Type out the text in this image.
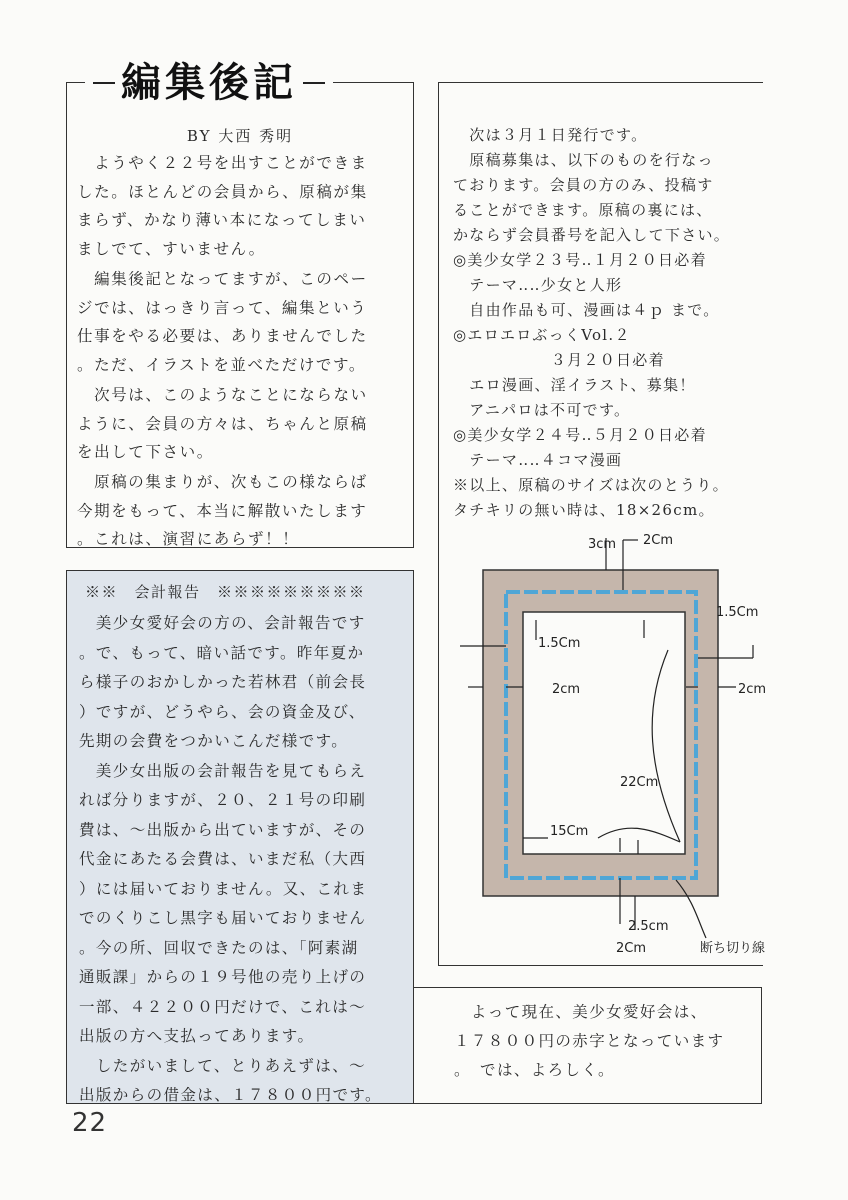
編集後記
BY 大西 秀明
　ようやく２２号を出すことができま
した。ほとんどの会員から、原稿が集
まらず、かなり薄い本になってしまい
ましでて、すいません。
　編集後記となってますが、このペー
ジでは、はっきり言って、編集という
仕事をやる必要は、ありませんでした
。ただ、イラストを並べただけです。
　次号は、このようなことにならない
ように、会員の方々は、ちゃんと原稿
を出して下さい。
　原稿の集まりが、次もこの様ならば
今期をもって、本当に解散いたします
。これは、演習にあらず！！
　次は３月１日発行です。
　原稿募集は、以下のものを行なっ
ております。会員の方のみ、投稿す
ることができます。原稿の裏には、
かならず会員番号を記入して下さい。
◎美少女学２３号‥１月２０日必着
　テーマ‥‥少女と人形
　自由作品も可、漫画は４ｐ まで。
◎エロエロぶっくVol.２
　　　　　　３月２０日必着
　エロ漫画、淫イラスト、募集！
　アニパロは不可です。
◎美少女学２４号‥５月２０日必着
　テーマ‥‥４コマ漫画
※以上、原稿のサイズは次のとうり。
タチキリの無い時は、18×26cm。
3cm 2Cm
1.5Cm
1.5Cm
2cm	2cm
22Cm
15Cm
2.5cm
2Cm	断ち切り線
※※　会計報告　※※※※※※※※※
　美少女愛好会の方の、会計報告です
。で、もって、暗い話です。昨年夏か
ら様子のおかしかった若林君（前会長
）ですが、どうやら、会の資金及び、
先期の会費をつかいこんだ様です。
　美少女出版の会計報告を見てもらえ
れば分りますが、２０、２１号の印刷
費は、〜出版から出ていますが、その
代金にあたる会費は、いまだ私（大西
）には届いておりません。又、これま
でのくりこし黒字も届いておりません
。今の所、回収できたのは、「阿素湖
通販課」からの１９号他の売り上げの
一部、４２２００円だけで、これは〜
出版の方へ支払ってあります。
　したがいまして、とりあえずは、〜
出版からの借金は、１７８００円です。
　よって現在、美少女愛好会は、
１７８００円の赤字となっています
。　では、よろしく。
22
